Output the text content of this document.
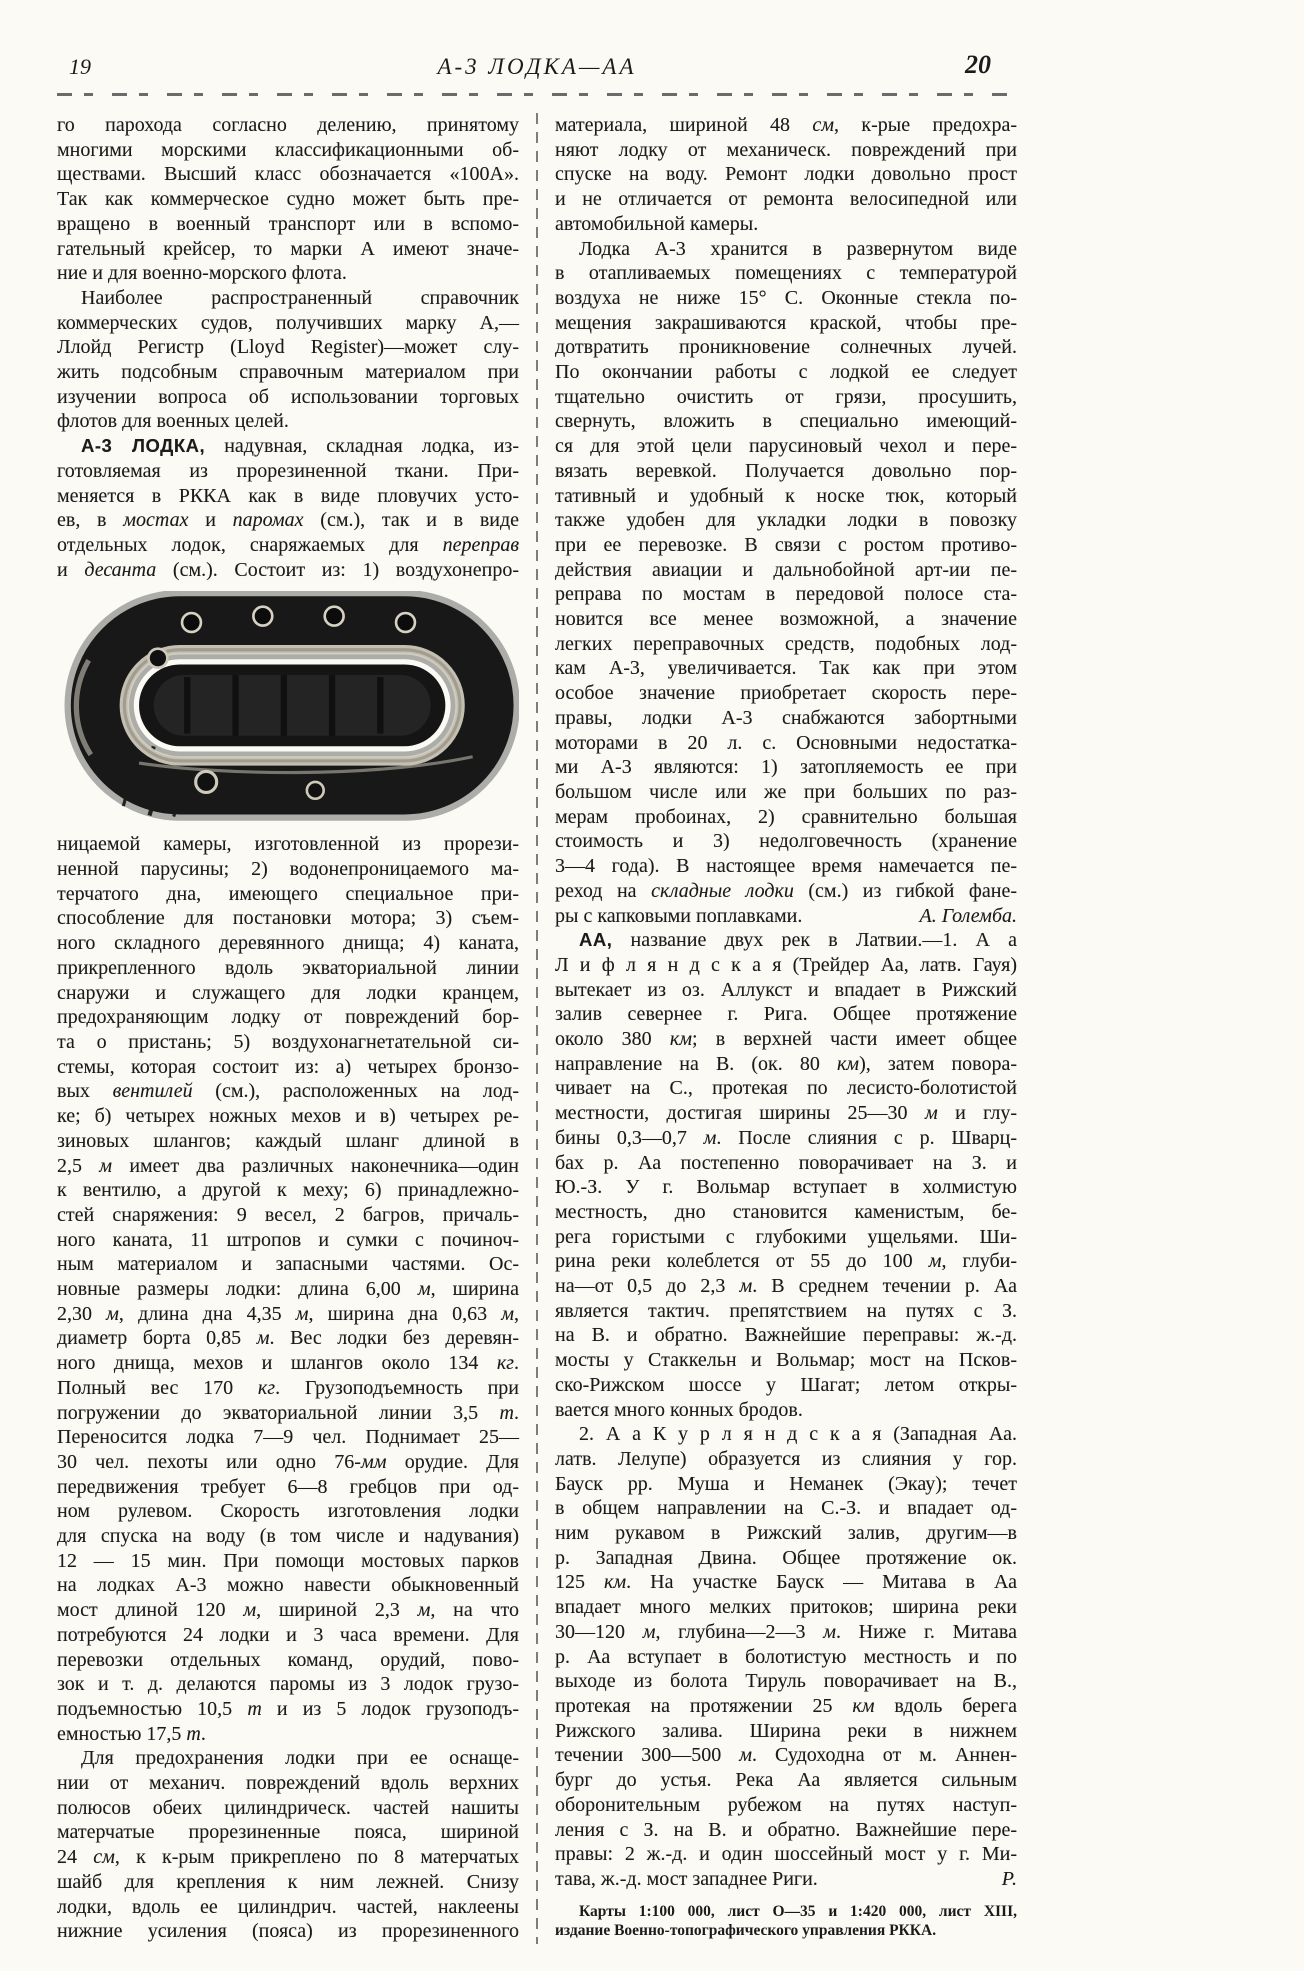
19	А-3 ЛОДКА—АА	20
го парохода согласно делению, принятому
многими морскими классификационными об-
ществами. Высший класс обозначается «100А».
Так как коммерческое судно может быть пре-
вращено в военный транспорт или в вспомо-
гательный крейсер, то марки А имеют значе-
ние и для военно-морского флота.
Наиболее распространенный справочник
коммерческих судов, получивших марку А,—
Ллойд Регистр (Lloyd Register)—может слу-
жить подсобным справочным материалом при
изучении вопроса об использовании торговых
флотов для военных целей.
А-3 ЛОДКА, надувная, складная лодка, из-
готовляемая из прорезиненной ткани. При-
меняется в РККА как в виде пловучих усто-
ев, в мостах и паромах (см.), так и в виде
отдельных лодок, снаряжаемых для переправ
и десанта (см.). Состоит из: 1) воздухонепро-
ницаемой камеры, изготовленной из прорези-
ненной парусины; 2) водонепроницаемого ма-
терчатого дна, имеющего специальное при-
способление для постановки мотора; 3) съем-
ного складного деревянного днища; 4) каната,
прикрепленного вдоль экваториальной линии
снаружи и служащего для лодки кранцем,
предохраняющим лодку от повреждений бор-
та о пристань; 5) воздухонагнетательной си-
стемы, которая состоит из: а) четырех бронзо-
вых вентилей (см.), расположенных на лод-
ке; б) четырех ножных мехов и в) четырех ре-
зиновых шлангов; каждый шланг длиной в
2,5 м имеет два различных наконечника—один
к вентилю, а другой к меху; 6) принадлежно-
стей снаряжения: 9 весел, 2 багров, причаль-
ного каната, 11 штропов и сумки с починоч-
ным материалом и запасными частями. Ос-
новные размеры лодки: длина 6,00 м, ширина
2,30 м, длина дна 4,35 м, ширина дна 0,63 м,
диаметр борта 0,85 м. Вес лодки без деревян-
ного днища, мехов и шлангов около 134 кг.
Полный вес 170 кг. Грузоподъемность при
погружении до экваториальной линии 3,5 т.
Переносится лодка 7—9 чел. Поднимает 25—
30 чел. пехоты или одно 76-мм орудие. Для
передвижения требует 6—8 гребцов при од-
ном рулевом. Скорость изготовления лодки
для спуска на воду (в том числе и надувания)
12 — 15 мин. При помощи мостовых парков
на лодках А-3 можно навести обыкновенный
мост длиной 120 м, шириной 2,3 м, на что
потребуются 24 лодки и 3 часа времени. Для
перевозки отдельных команд, орудий, пово-
зок и т. д. делаются паромы из 3 лодок грузо-
подъемностью 10,5 т и из 5 лодок грузоподъ-
емностью 17,5 т.
Для предохранения лодки при ее оснаще-
нии от механич. повреждений вдоль верхних
полюсов обеих цилиндрическ. частей нашиты
матерчатые прорезиненные пояса, шириной
24 см, к к-рым прикреплено по 8 матерчатых
шайб для крепления к ним лежней. Снизу
лодки, вдоль ее цилиндрич. частей, наклеены
нижние усиления (пояса) из прорезиненного
материала, шириной 48 см, к-рые предохра-
няют лодку от механическ. повреждений при
спуске на воду. Ремонт лодки довольно прост
и не отличается от ремонта велосипедной или
автомобильной камеры.
Лодка А-3 хранится в развернутом виде
в отапливаемых помещениях с температурой
воздуха не ниже 15° С. Оконные стекла по-
мещения закрашиваются краской, чтобы пре-
дотвратить проникновение солнечных лучей.
По окончании работы с лодкой ее следует
тщательно очистить от грязи, просушить,
свернуть, вложить в специально имеющий-
ся для этой цели парусиновый чехол и пере-
вязать веревкой. Получается довольно пор-
тативный и удобный к носке тюк, который
также удобен для укладки лодки в повозку
при ее перевозке. В связи с ростом противо-
действия авиации и дальнобойной арт-ии пе-
реправа по мостам в передовой полосе ста-
новится все менее возможной, а значение
легких переправочных средств, подобных лод-
кам А-3, увеличивается. Так как при этом
особое значение приобретает скорость пере-
правы, лодки А-3 снабжаются забортными
моторами в 20 л. с. Основными недостатка-
ми А-3 являются: 1) затопляемость ее при
большом числе или же при больших по раз-
мерам пробоинах, 2) сравнительно большая
стоимость и 3) недолговечность (хранение
3—4 года). В настоящее время намечается пе-
реход на складные лодки (см.) из гибкой фане-
ры с капковыми поплавками.	А. Големба.
АА, название двух рек в Латвии.—1. А а
Л и ф л я н д с к а я (Трейдер Аа, латв. Гауя)
вытекает из оз. Аллукст и впадает в Рижский
залив севернее г. Рига. Общее протяжение
около 380 км; в верхней части имеет общее
направление на В. (ок. 80 км), затем повора-
чивает на С., протекая по лесисто-болотистой
местности, достигая ширины 25—30 м и глу-
бины 0,3—0,7 м. После слияния с р. Шварц-
бах р. Аа постепенно поворачивает на З. и
Ю.-З. У г. Вольмар вступает в холмистую
местность, дно становится каменистым, бе-
рега гористыми с глубокими ущельями. Ши-
рина реки колеблется от 55 до 100 м, глуби-
на—от 0,5 до 2,3 м. В среднем течении р. Аа
является тактич. препятствием на путях с З.
на В. и обратно. Важнейшие переправы: ж.-д.
мосты у Стаккельн и Вольмар; мост на Псков-
ско-Рижском шоссе у Шагат; летом откры-
вается много конных бродов.
2. А а К у р л я н д с к а я (Западная Аа.
латв. Лелупе) образуется из слияния у гор.
Бауск рр. Муша и Неманек (Экау); течет
в общем направлении на С.-З. и впадает од-
ним рукавом в Рижский залив, другим—в
р. Западная Двина. Общее протяжение ок.
125 км. На участке Бауск — Митава в Аа
впадает много мелких притоков; ширина реки
30—120 м, глубина—2—3 м. Ниже г. Митава
р. Аа вступает в болотистую местность и по
выходе из болота Тируль поворачивает на В.,
протекая на протяжении 25 км вдоль берега
Рижского залива. Ширина реки в нижнем
течении 300—500 м. Судоходна от м. Аннен-
бург до устья. Река Аа является сильным
оборонительным рубежом на путях наступ-
ления с З. на В. и обратно. Важнейшие пере-
правы: 2 ж.-д. и один шоссейный мост у г. Ми-
тава, ж.-д. мост западнее Риги.	Р.
Карты 1:100 000, лист О—35 и 1:420 000, лист XIII,
издание Военно-топографического управления РККА.
